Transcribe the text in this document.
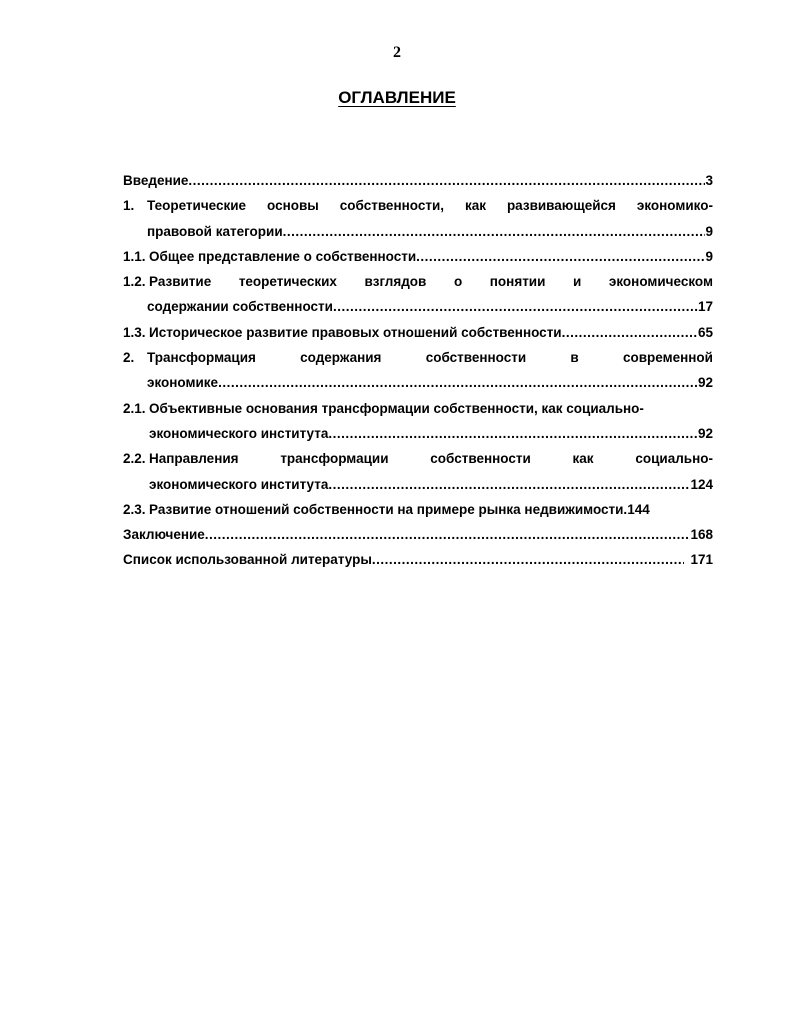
2
ОГЛАВЛЕНИЕ
Введение .....	3
1. Теоретические основы собственности, как развивающейся экономико-
правовой категории .....	9
1.1. Общее представление о собственности .....	9
1.2. Развитие теоретических взглядов о понятии и экономическом
содержании собственности .....	17
1.3. Историческое развитие правовых отношений собственности .....	65
2. Трансформация	содержания	собственности	в	современной
экономике .....	92
2.1. Объективные основания трансформации собственности, как социально-
экономического института .....	92
2.2. Направления	трансформации	собственности	как	социально-
экономического института .....	124
2.3. Развитие отношений собственности на примере рынка недвижимости. 144
Заключение .....	168
Список использованной литературы .....	171
